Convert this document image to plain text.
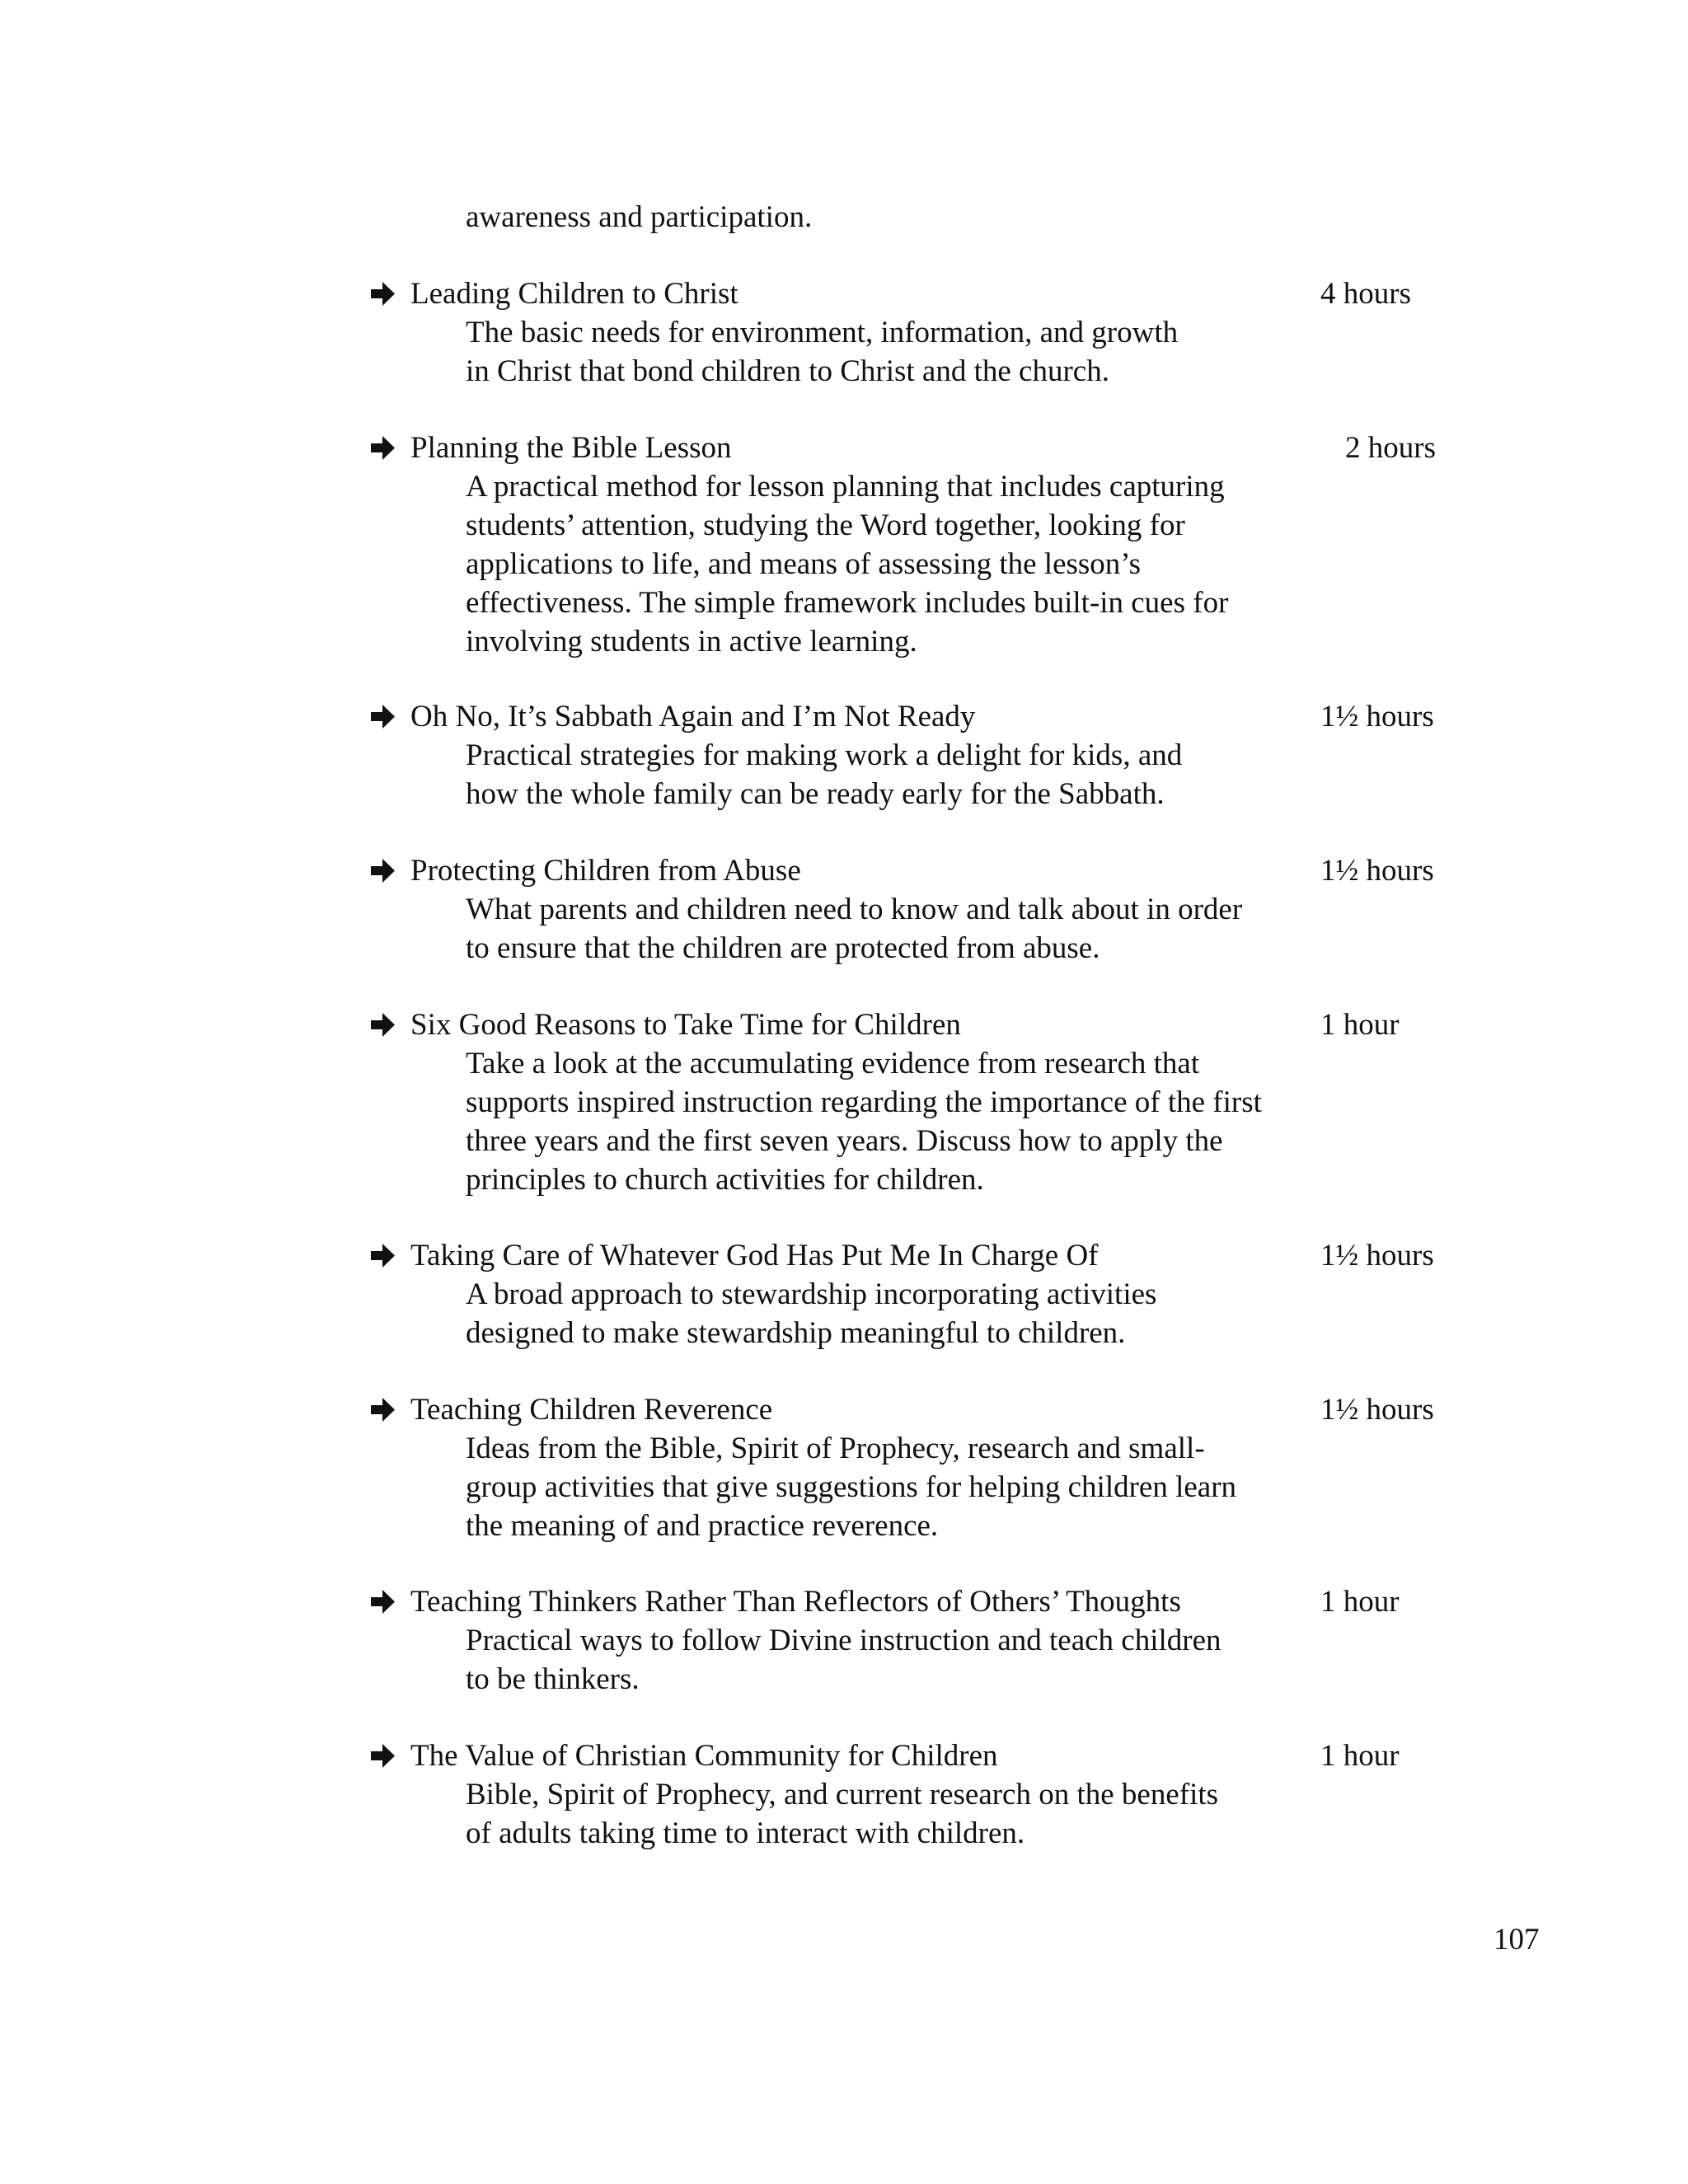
awareness and participation.
Leading Children to Christ	4 hours
The basic needs for environment, information, and growth
in Christ that bond children to Christ and the church.
Planning the Bible Lesson	2 hours
A practical method for lesson planning that includes capturing
students’ attention, studying the Word together, looking for
applications to life, and means of assessing the lesson’s
effectiveness. The simple framework includes built-in cues for
involving students in active learning.
Oh No, It’s Sabbath Again and I’m Not Ready	1½ hours
Practical strategies for making work a delight for kids, and
how the whole family can be ready early for the Sabbath.
Protecting Children from Abuse	1½ hours
What parents and children need to know and talk about in order
to ensure that the children are protected from abuse.
Six Good Reasons to Take Time for Children	1 hour
Take a look at the accumulating evidence from research that
supports inspired instruction regarding the importance of the first
three years and the first seven years. Discuss how to apply the
principles to church activities for children.
Taking Care of Whatever God Has Put Me In Charge Of	1½ hours
A broad approach to stewardship incorporating activities
designed to make stewardship meaningful to children.
Teaching Children Reverence	1½ hours
Ideas from the Bible, Spirit of Prophecy, research and small-
group activities that give suggestions for helping children learn
the meaning of and practice reverence.
Teaching Thinkers Rather Than Reflectors of Others’ Thoughts	1 hour
Practical ways to follow Divine instruction and teach children
to be thinkers.
The Value of Christian Community for Children	1 hour
Bible, Spirit of Prophecy, and current research on the benefits
of adults taking time to interact with children.
107
